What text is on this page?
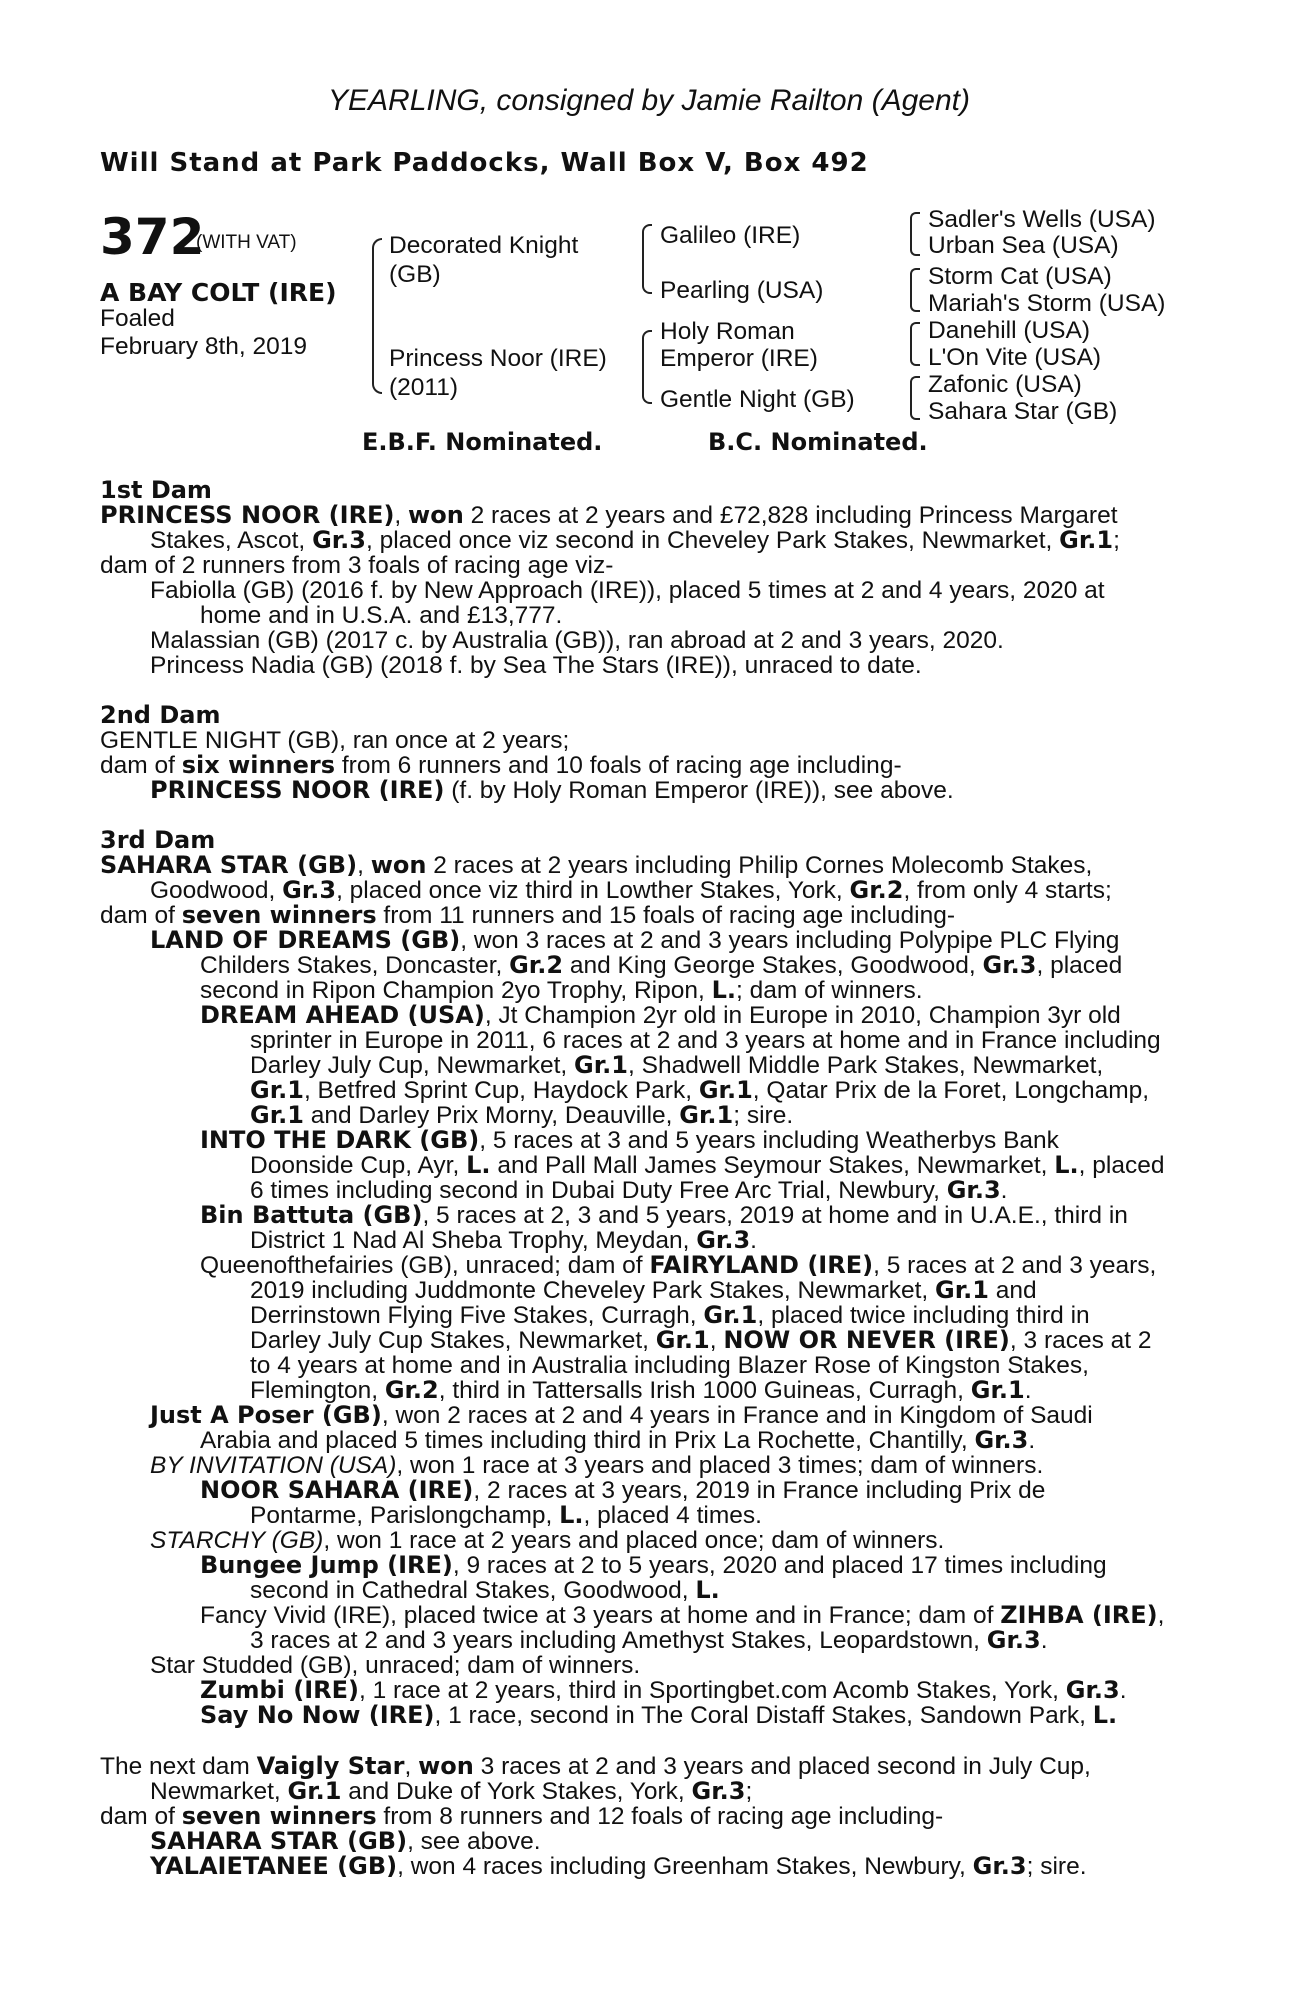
YEARLING, consigned by Jamie Railton (Agent)
Will Stand at Park Paddocks, Wall Box V, Box 492
372
(WITH VAT)
A BAY COLT (IRE)
Foaled
February 8th, 2019
Decorated Knight
(GB)
Princess Noor (IRE)
(2011)
Galileo (IRE)
Pearling (USA)
Holy Roman
Emperor (IRE)
Gentle Night (GB)
Sadler's Wells (USA)
Urban Sea (USA)
Storm Cat (USA)
Mariah's Storm (USA)
Danehill (USA)
L'On Vite (USA)
Zafonic (USA)
Sahara Star (GB)
E.B.F. Nominated.	B.C. Nominated.
1st Dam
PRINCESS NOOR (IRE), won 2 races at 2 years and £72,828 including Princess Margaret
Stakes, Ascot, Gr.3, placed once viz second in Cheveley Park Stakes, Newmarket, Gr.1;
dam of 2 runners from 3 foals of racing age viz-
Fabiolla (GB) (2016 f. by New Approach (IRE)), placed 5 times at 2 and 4 years, 2020 at
home and in U.S.A. and £13,777.
Malassian (GB) (2017 c. by Australia (GB)), ran abroad at 2 and 3 years, 2020.
Princess Nadia (GB) (2018 f. by Sea The Stars (IRE)), unraced to date.
2nd Dam
GENTLE NIGHT (GB), ran once at 2 years;
dam of six winners from 6 runners and 10 foals of racing age including-
PRINCESS NOOR (IRE) (f. by Holy Roman Emperor (IRE)), see above.
3rd Dam
SAHARA STAR (GB), won 2 races at 2 years including Philip Cornes Molecomb Stakes,
Goodwood, Gr.3, placed once viz third in Lowther Stakes, York, Gr.2, from only 4 starts;
dam of seven winners from 11 runners and 15 foals of racing age including-
LAND OF DREAMS (GB), won 3 races at 2 and 3 years including Polypipe PLC Flying
Childers Stakes, Doncaster, Gr.2 and King George Stakes, Goodwood, Gr.3, placed
second in Ripon Champion 2yo Trophy, Ripon, L.; dam of winners.
DREAM AHEAD (USA), Jt Champion 2yr old in Europe in 2010, Champion 3yr old
sprinter in Europe in 2011, 6 races at 2 and 3 years at home and in France including
Darley July Cup, Newmarket, Gr.1, Shadwell Middle Park Stakes, Newmarket,
Gr.1, Betfred Sprint Cup, Haydock Park, Gr.1, Qatar Prix de la Foret, Longchamp,
Gr.1 and Darley Prix Morny, Deauville, Gr.1; sire.
INTO THE DARK (GB), 5 races at 3 and 5 years including Weatherbys Bank
Doonside Cup, Ayr, L. and Pall Mall James Seymour Stakes, Newmarket, L., placed
6 times including second in Dubai Duty Free Arc Trial, Newbury, Gr.3.
Bin Battuta (GB), 5 races at 2, 3 and 5 years, 2019 at home and in U.A.E., third in
District 1 Nad Al Sheba Trophy, Meydan, Gr.3.
Queenofthefairies (GB), unraced; dam of FAIRYLAND (IRE), 5 races at 2 and 3 years,
2019 including Juddmonte Cheveley Park Stakes, Newmarket, Gr.1 and
Derrinstown Flying Five Stakes, Curragh, Gr.1, placed twice including third in
Darley July Cup Stakes, Newmarket, Gr.1, NOW OR NEVER (IRE), 3 races at 2
to 4 years at home and in Australia including Blazer Rose of Kingston Stakes,
Flemington, Gr.2, third in Tattersalls Irish 1000 Guineas, Curragh, Gr.1.
Just A Poser (GB), won 2 races at 2 and 4 years in France and in Kingdom of Saudi
Arabia and placed 5 times including third in Prix La Rochette, Chantilly, Gr.3.
BY INVITATION (USA), won 1 race at 3 years and placed 3 times; dam of winners.
NOOR SAHARA (IRE), 2 races at 3 years, 2019 in France including Prix de
Pontarme, Parislongchamp, L., placed 4 times.
STARCHY (GB), won 1 race at 2 years and placed once; dam of winners.
Bungee Jump (IRE), 9 races at 2 to 5 years, 2020 and placed 17 times including
second in Cathedral Stakes, Goodwood, L.
Fancy Vivid (IRE), placed twice at 3 years at home and in France; dam of ZIHBA (IRE),
3 races at 2 and 3 years including Amethyst Stakes, Leopardstown, Gr.3.
Star Studded (GB), unraced; dam of winners.
Zumbi (IRE), 1 race at 2 years, third in Sportingbet.com Acomb Stakes, York, Gr.3.
Say No Now (IRE), 1 race, second in The Coral Distaff Stakes, Sandown Park, L.
The next dam Vaigly Star, won 3 races at 2 and 3 years and placed second in July Cup,
Newmarket, Gr.1 and Duke of York Stakes, York, Gr.3;
dam of seven winners from 8 runners and 12 foals of racing age including-
SAHARA STAR (GB), see above.
YALAIETANEE (GB), won 4 races including Greenham Stakes, Newbury, Gr.3; sire.
